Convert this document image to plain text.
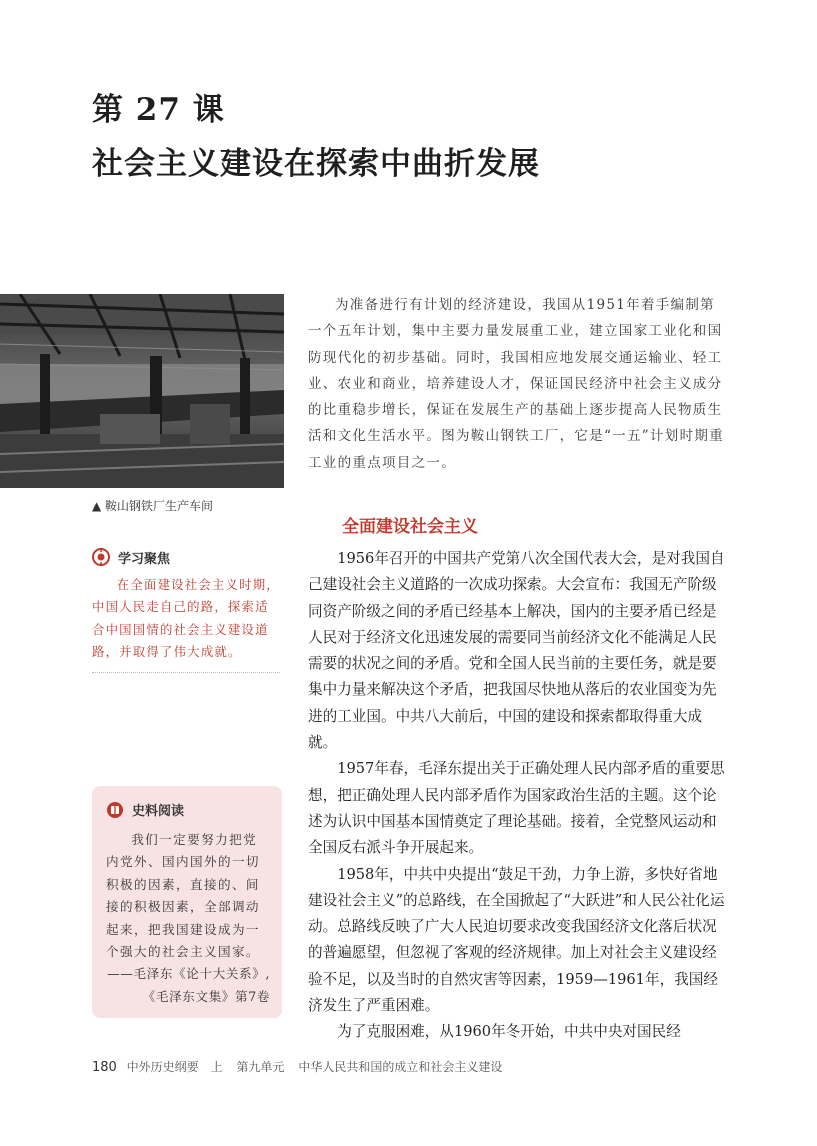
第 27 课
社会主义建设在探索中曲折发展
▲ 鞍山钢铁厂生产车间

为准备进行有计划的经济建设，我国从1951年着手编制第一个五年计划，集中主要力量发展重工业，建立国家工业化和国防现代化的初步基础。同时，我国相应地发展交通运输业、轻工业、农业和商业，培养建设人才，保证国民经济中社会主义成分的比重稳步增长，保证在发展生产的基础上逐步提高人民物质生活和文化生活水平。图为鞍山钢铁工厂，它是“一五”计划时期重工业的重点项目之一。

全面建设社会主义

1956年召开的中国共产党第八次全国代表大会，是对我国自己建设社会主义道路的一次成功探索。大会宣布：我国无产阶级同资产阶级之间的矛盾已经基本上解决，国内的主要矛盾已经是人民对于经济文化迅速发展的需要同当前经济文化不能满足人民需要的状况之间的矛盾。党和全国人民当前的主要任务，就是要集中力量来解决这个矛盾，把我国尽快地从落后的农业国变为先进的工业国。中共八大前后，中国的建设和探索都取得重大成就。

1957年春，毛泽东提出关于正确处理人民内部矛盾的重要思想，把正确处理人民内部矛盾作为国家政治生活的主题。这个论述为认识中国基本国情奠定了理论基础。接着，全党整风运动和全国反右派斗争开展起来。

1958年，中共中央提出“鼓足干劲，力争上游，多快好省地建设社会主义”的总路线，在全国掀起了“大跃进”和人民公社化运动。总路线反映了广大人民迫切要求改变我国经济文化落后状况的普遍愿望，但忽视了客观的经济规律。加上对社会主义建设经验不足，以及当时的自然灾害等因素，1959—1961年，我国经济发生了严重困难。

为了克服困难，从1960年冬开始，中共中央对国民经

学习聚焦

在全面建设社会主义时期，中国人民走自己的路，探索适合中国国情的社会主义建设道路，并取得了伟大成就。

史料阅读

我们一定要努力把党内党外、国内国外的一切积极的因素，直接的、间接的积极因素，全部调动起来，把我国建设成为一个强大的社会主义国家。

——毛泽东《论十大关系》,《毛泽东文集》第7卷

180 中外历史纲要　上 第九单元 中华人民共和国的成立和社会主义建设
